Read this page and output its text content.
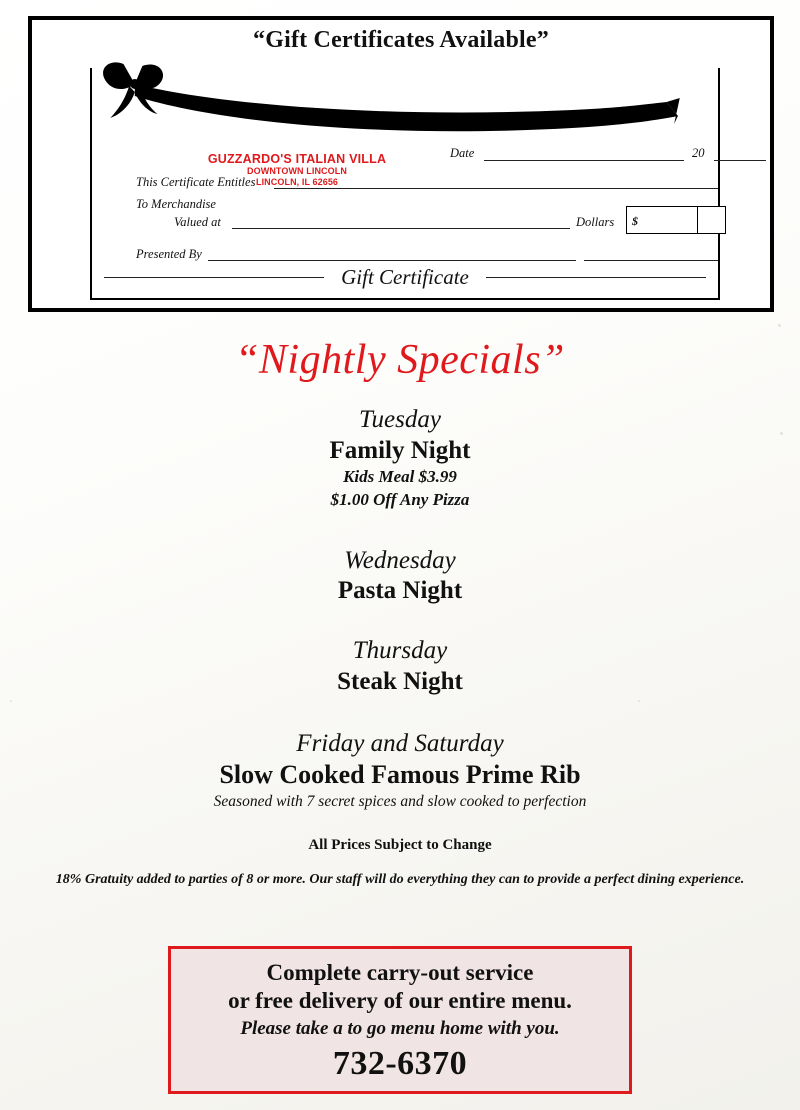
“Gift Certificates Available”
GUZZARDO'S ITALIAN VILLA
DOWNTOWN LINCOLN
LINCOLN, IL 62656
Date	20
This Certificate Entitles
To Merchandise
Valued at	Dollars $
Presented By
Gift Certificate
“Nightly Specials”
Tuesday
Family Night
Kids Meal $3.99
$1.00 Off Any Pizza
Wednesday
Pasta Night
Thursday
Steak Night
Friday and Saturday
Slow Cooked Famous Prime Rib
Seasoned with 7 secret spices and slow cooked to perfection
All Prices Subject to Change
18% Gratuity added to parties of 8 or more. Our staff will do everything they can to provide a perfect dining experience.
Complete carry-out service
or free delivery of our entire menu.
Please take a to go menu home with you.
732-6370
